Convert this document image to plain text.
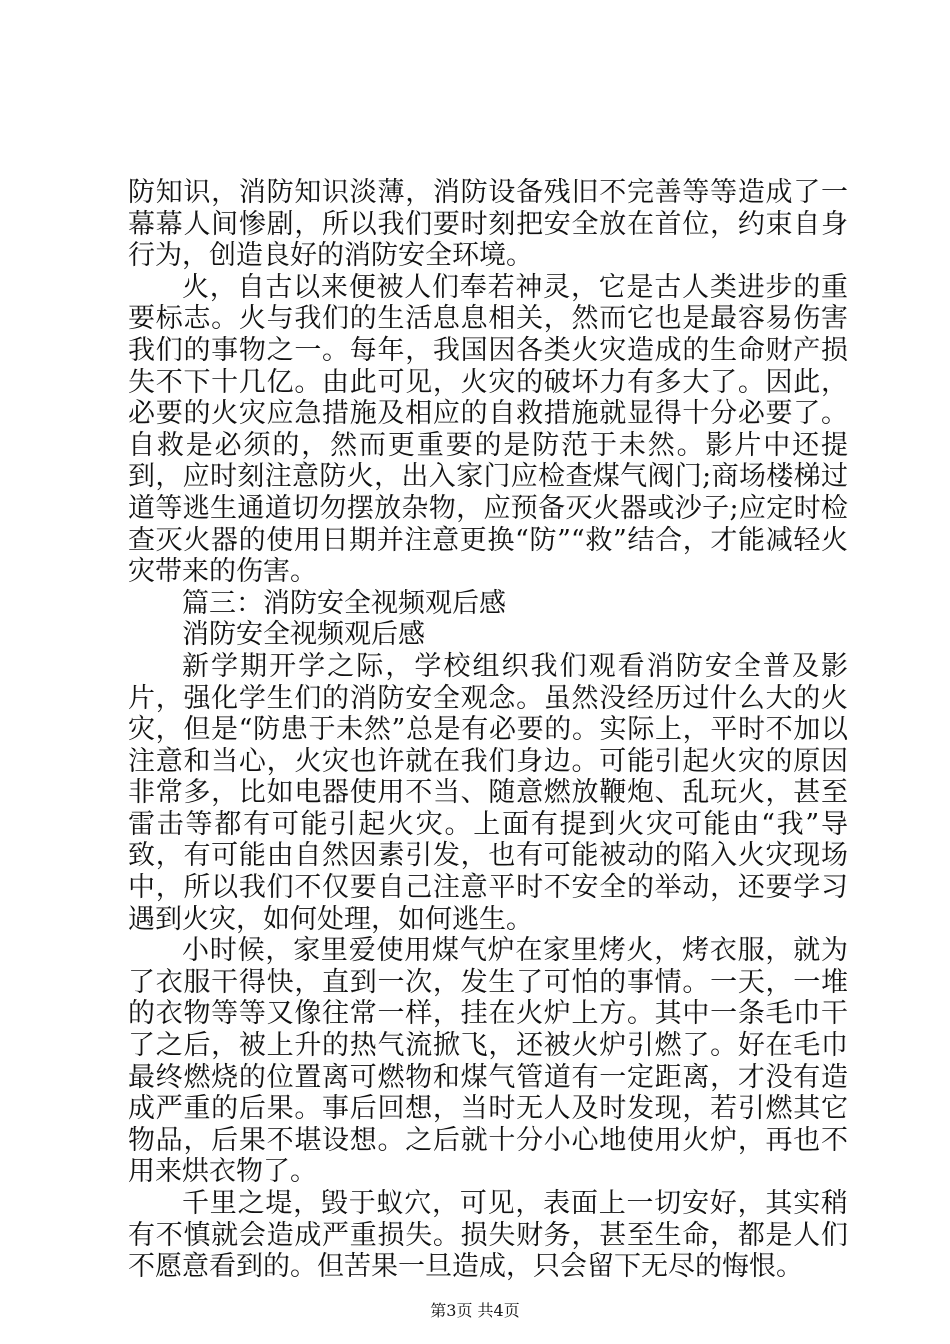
防知识，消防知识淡薄，消防设备残旧不完善等等造成了一幕幕人间惨剧，所以我们要时刻把安全放在首位，约束自身行为，创造良好的消防安全环境。

火，自古以来便被人们奉若神灵，它是古人类进步的重要标志。火与我们的生活息息相关，然而它也是最容易伤害我们的事物之一。每年，我国因各类火灾造成的生命财产损失不下十几亿。由此可见，火灾的破坏力有多大了。因此，必要的火灾应急措施及相应的自救措施就显得十分必要了。自救是必须的，然而更重要的是防范于未然。影片中还提到，应时刻注意防火，出入家门应检查煤气阀门;商场楼梯过道等逃生通道切勿摆放杂物，应预备灭火器或沙子;应定时检查灭火器的使用日期并注意更换“防”“救”结合，才能减轻火灾带来的伤害。

篇三：消防安全视频观后感

消防安全视频观后感

新学期开学之际，学校组织我们观看消防安全普及影片，强化学生们的消防安全观念。虽然没经历过什么大的火灾，但是“防患于未然”总是有必要的。实际上，平时不加以注意和当心，火灾也许就在我们身边。可能引起火灾的原因非常多，比如电器使用不当、随意燃放鞭炮、乱玩火，甚至雷击等都有可能引起火灾。上面有提到火灾可能由“我”导致，有可能由自然因素引发，也有可能被动的陷入火灾现场中，所以我们不仅要自己注意平时不安全的举动，还要学习遇到火灾，如何处理，如何逃生。

小时候，家里爱使用煤气炉在家里烤火，烤衣服，就为了衣服干得快，直到一次，发生了可怕的事情。一天，一堆的衣物等等又像往常一样，挂在火炉上方。其中一条毛巾干了之后，被上升的热气流掀飞，还被火炉引燃了。好在毛巾最终燃烧的位置离可燃物和煤气管道有一定距离，才没有造成严重的后果。事后回想，当时无人及时发现，若引燃其它物品，后果不堪设想。之后就十分小心地使用火炉，再也不用来烘衣物了。

千里之堤，毁于蚁穴，可见，表面上一切安好，其实稍有不慎就会造成严重损失。损失财务，甚至生命，都是人们不愿意看到的。但苦果一旦造成，只会留下无尽的悔恨。

第3页 共4页
